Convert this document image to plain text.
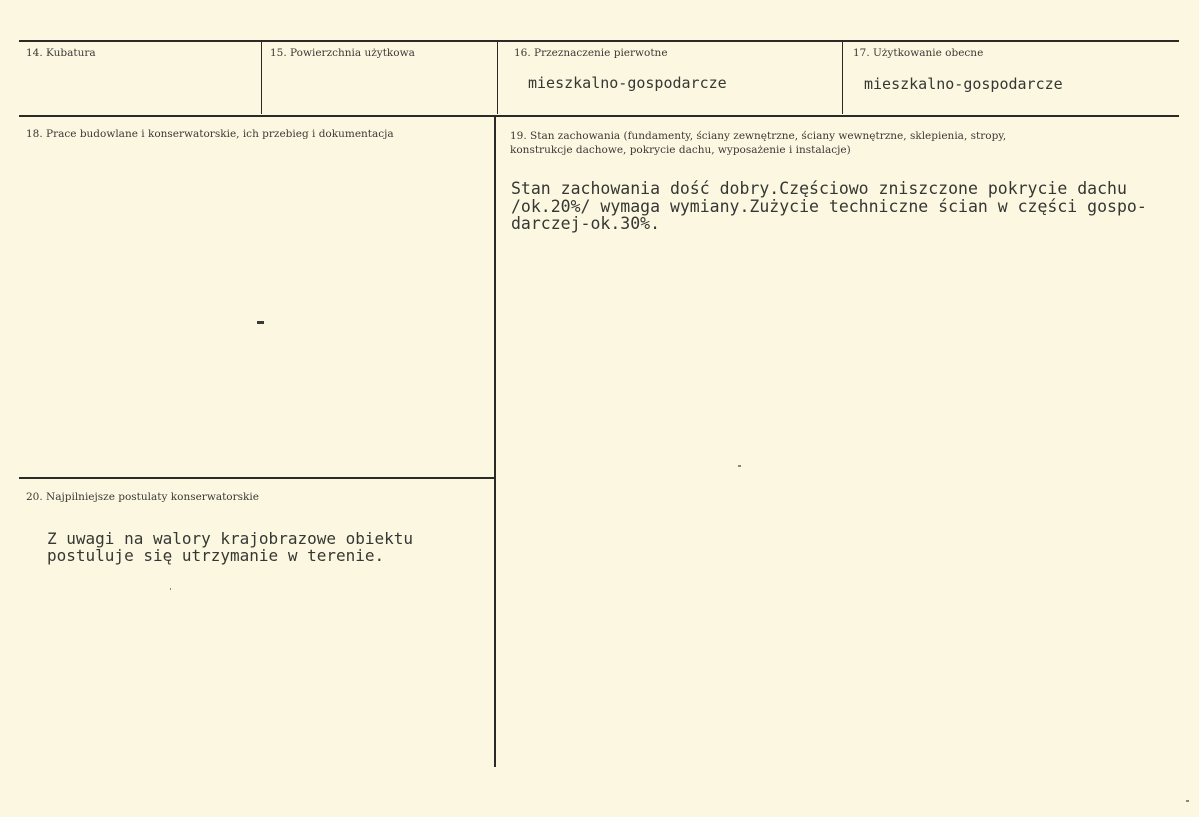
14. Kubatura	15. Powierzchnia użytkowa	16. Przeznaczenie pierwotne
mieszkalno-gospodarcze
17. Użytkowanie obecne
mieszkalno-gospodarcze
18. Prace budowlane i konserwatorskie, ich przebieg i dokumentacja	19. Stan zachowania (fundamenty, ściany zewnętrzne, ściany wewnętrzne, sklepienia, stropy,
konstrukcje dachowe, pokrycie dachu, wyposażenie i instalacje)
Stan zachowania dość dobry.Częściowo zniszczone pokrycie dachu
/ok.20%/ wymaga wymiany.Zużycie techniczne ścian w części gospo-
darczej-ok.30%.
20. Najpilniejsze postulaty konserwatorskie
Z uwagi na walory krajobrazowe obiektu
postuluje się utrzymanie w terenie.
